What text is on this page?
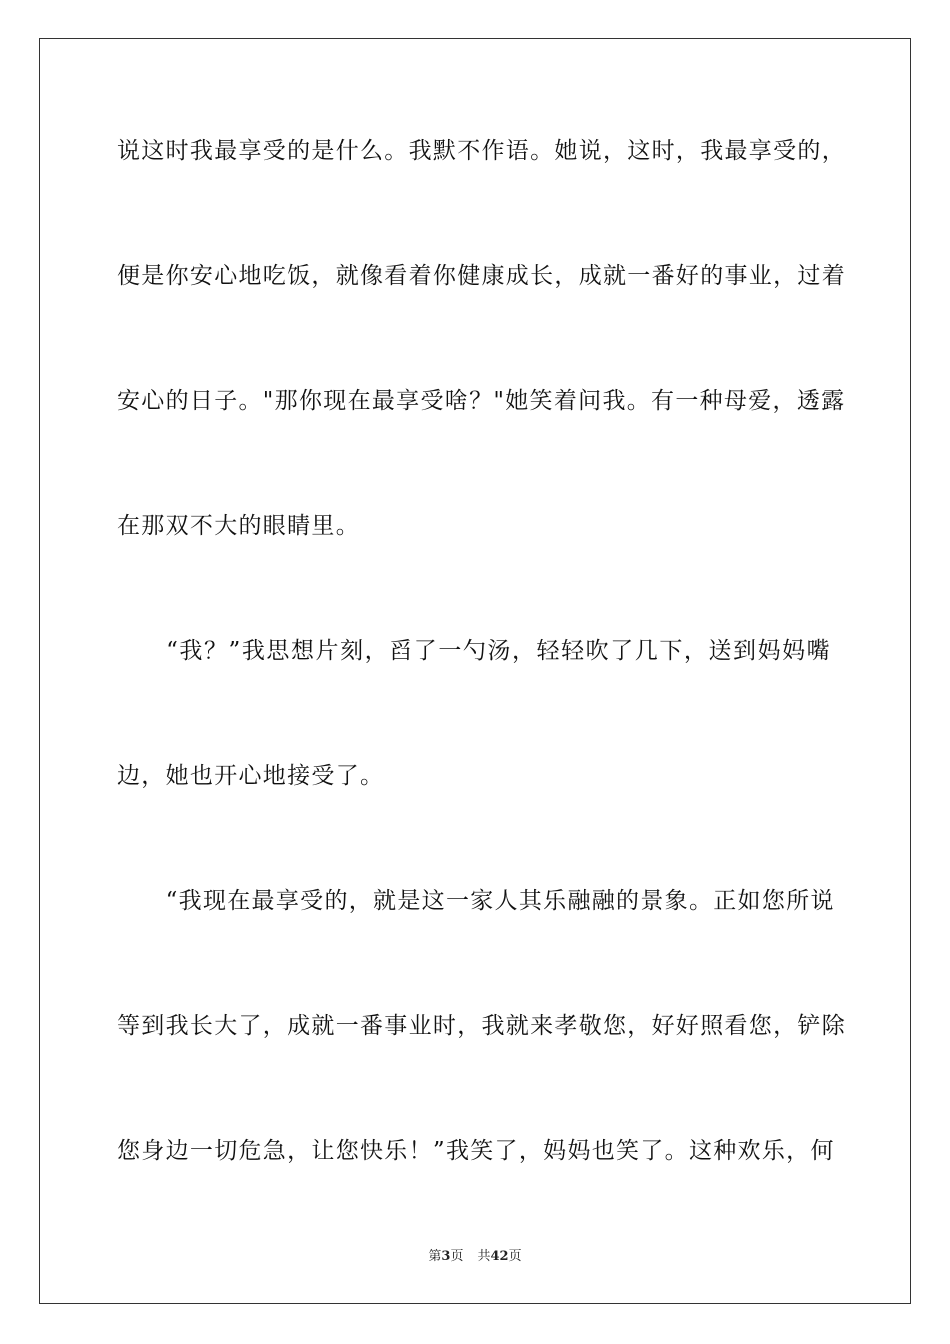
说这时我最享受的是什么。我默不作语。她说，这时，我最享受的，
便是你安心地吃饭，就像看着你健康成长，成就一番好的事业，过着
安心的日子。"那你现在最享受啥？"她笑着问我。有一种母爱，透露
在那双不大的眼睛里。
　　“我？”我思想片刻，舀了一勺汤，轻轻吹了几下，送到妈妈嘴
边，她也开心地接受了。
　　“我现在最享受的，就是这一家人其乐融融的景象。正如您所说
等到我长大了，成就一番事业时，我就来孝敬您，好好照看您，铲除
您身边一切危急，让您快乐！”我笑了，妈妈也笑了。这种欢乐，何
第3页 共42页
